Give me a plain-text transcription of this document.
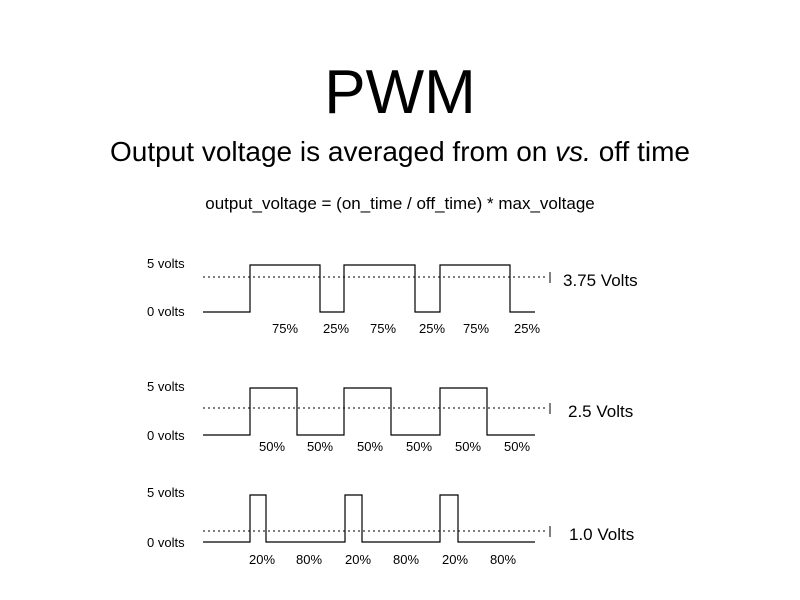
PWM

Output voltage is averaged from on vs. off time

output_voltage = (on_time / off_time) * max_voltage

5 volts
0 volts
3.75 Volts
75% 25% 75% 25% 75% 25%
5 volts
0 volts
2.5 Volts
50% 50% 50% 50% 50% 50%
5 volts
0 volts	1.0 Volts
20% 80% 20% 80% 20% 80%
